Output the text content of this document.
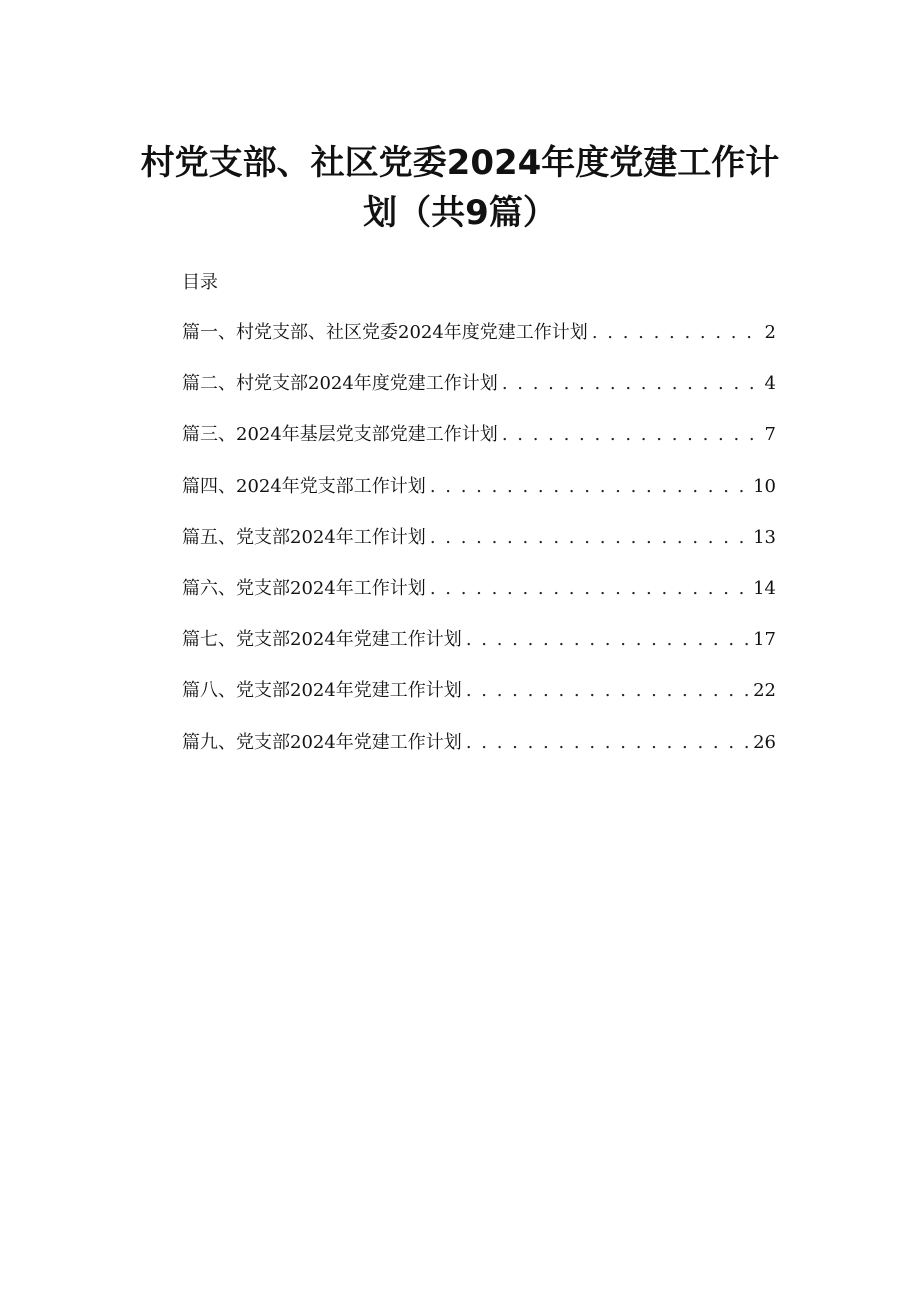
村党支部、社区党委2024年度党建工作计
划（共9篇）
目录
篇一、村党支部、社区党委2024年度党建工作计划 . . .	2
篇二、村党支部2024年度党建工作计划 . . .	4
篇三、2024年基层党支部党建工作计划 . . .	7
篇四、2024年党支部工作计划 . . .	10
篇五、党支部2024年工作计划 . . .	13
篇六、党支部2024年工作计划 . . .	14
篇七、党支部2024年党建工作计划 . . .	17
篇八、党支部2024年党建工作计划 . . .	22
篇九、党支部2024年党建工作计划 . . .	26
